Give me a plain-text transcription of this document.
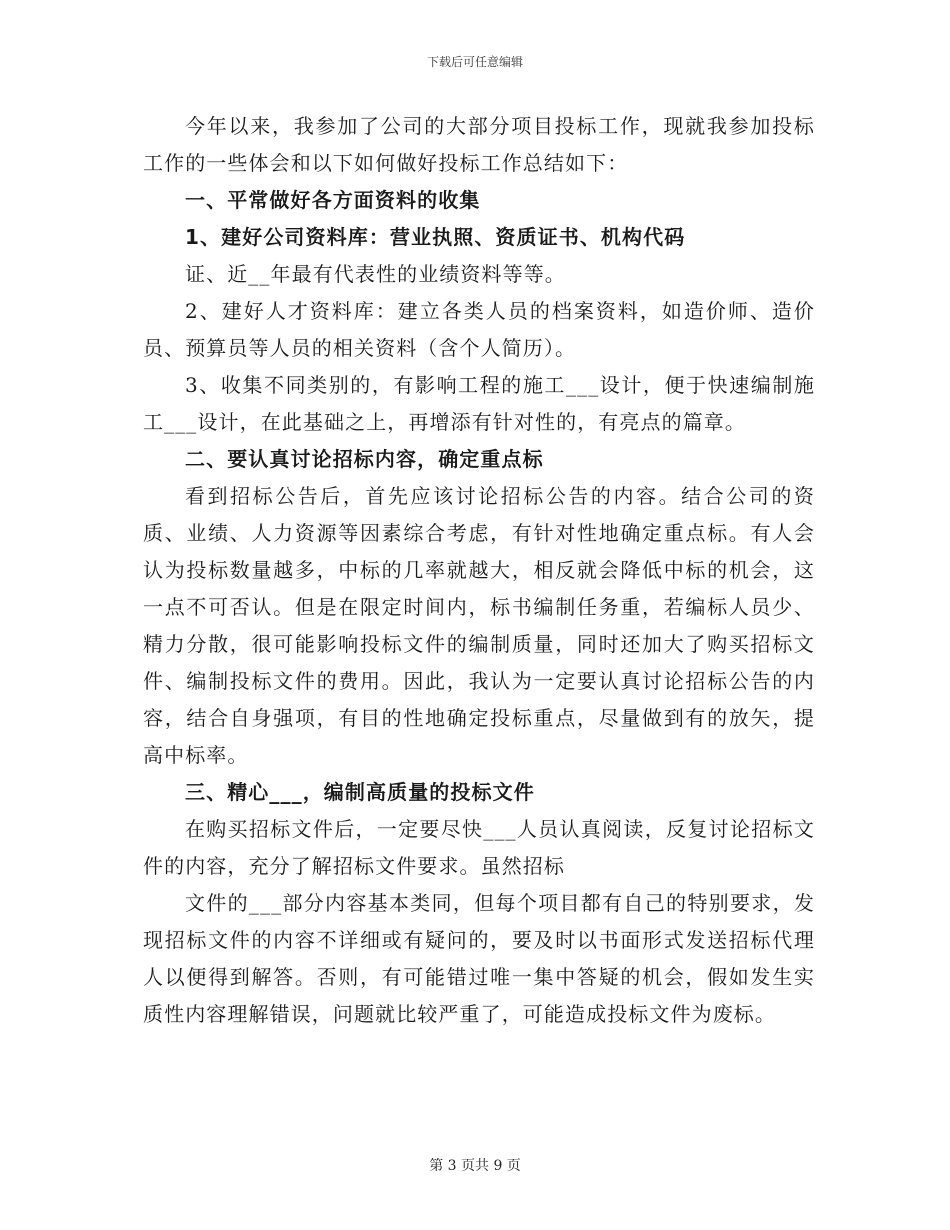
下载后可任意编辑

今年以来，我参加了公司的大部分项目投标工作，现就我参加投标工作的一些体会和以下如何做好投标工作总结如下：

一、平常做好各方面资料的收集

1、建好公司资料库：营业执照、资质证书、机构代码

证、近__年最有代表性的业绩资料等等。

2、建好人才资料库：建立各类人员的档案资料，如造价师、造价员、预算员等人员的相关资料（含个人简历）。

3、收集不同类别的，有影响工程的施工___设计，便于快速编制施工___设计，在此基础之上，再增添有针对性的，有亮点的篇章。

二、要认真讨论招标内容，确定重点标

看到招标公告后，首先应该讨论招标公告的内容。结合公司的资质、业绩、人力资源等因素综合考虑，有针对性地确定重点标。有人会认为投标数量越多，中标的几率就越大，相反就会降低中标的机会，这一点不可否认。但是在限定时间内，标书编制任务重，若编标人员少、精力分散，很可能影响投标文件的编制质量，同时还加大了购买招标文件、编制投标文件的费用。因此，我认为一定要认真讨论招标公告的内容，结合自身强项，有目的性地确定投标重点，尽量做到有的放矢，提高中标率。

三、精心___，编制高质量的投标文件

在购买招标文件后，一定要尽快___人员认真阅读，反复讨论招标文件的内容，充分了解招标文件要求。虽然招标

文件的___部分内容基本类同，但每个项目都有自己的特别要求，发现招标文件的内容不详细或有疑问的，要及时以书面形式发送招标代理人以便得到解答。否则，有可能错过唯一集中答疑的机会，假如发生实质性内容理解错误，问题就比较严重了，可能造成投标文件为废标。

第 3 页共 9 页
